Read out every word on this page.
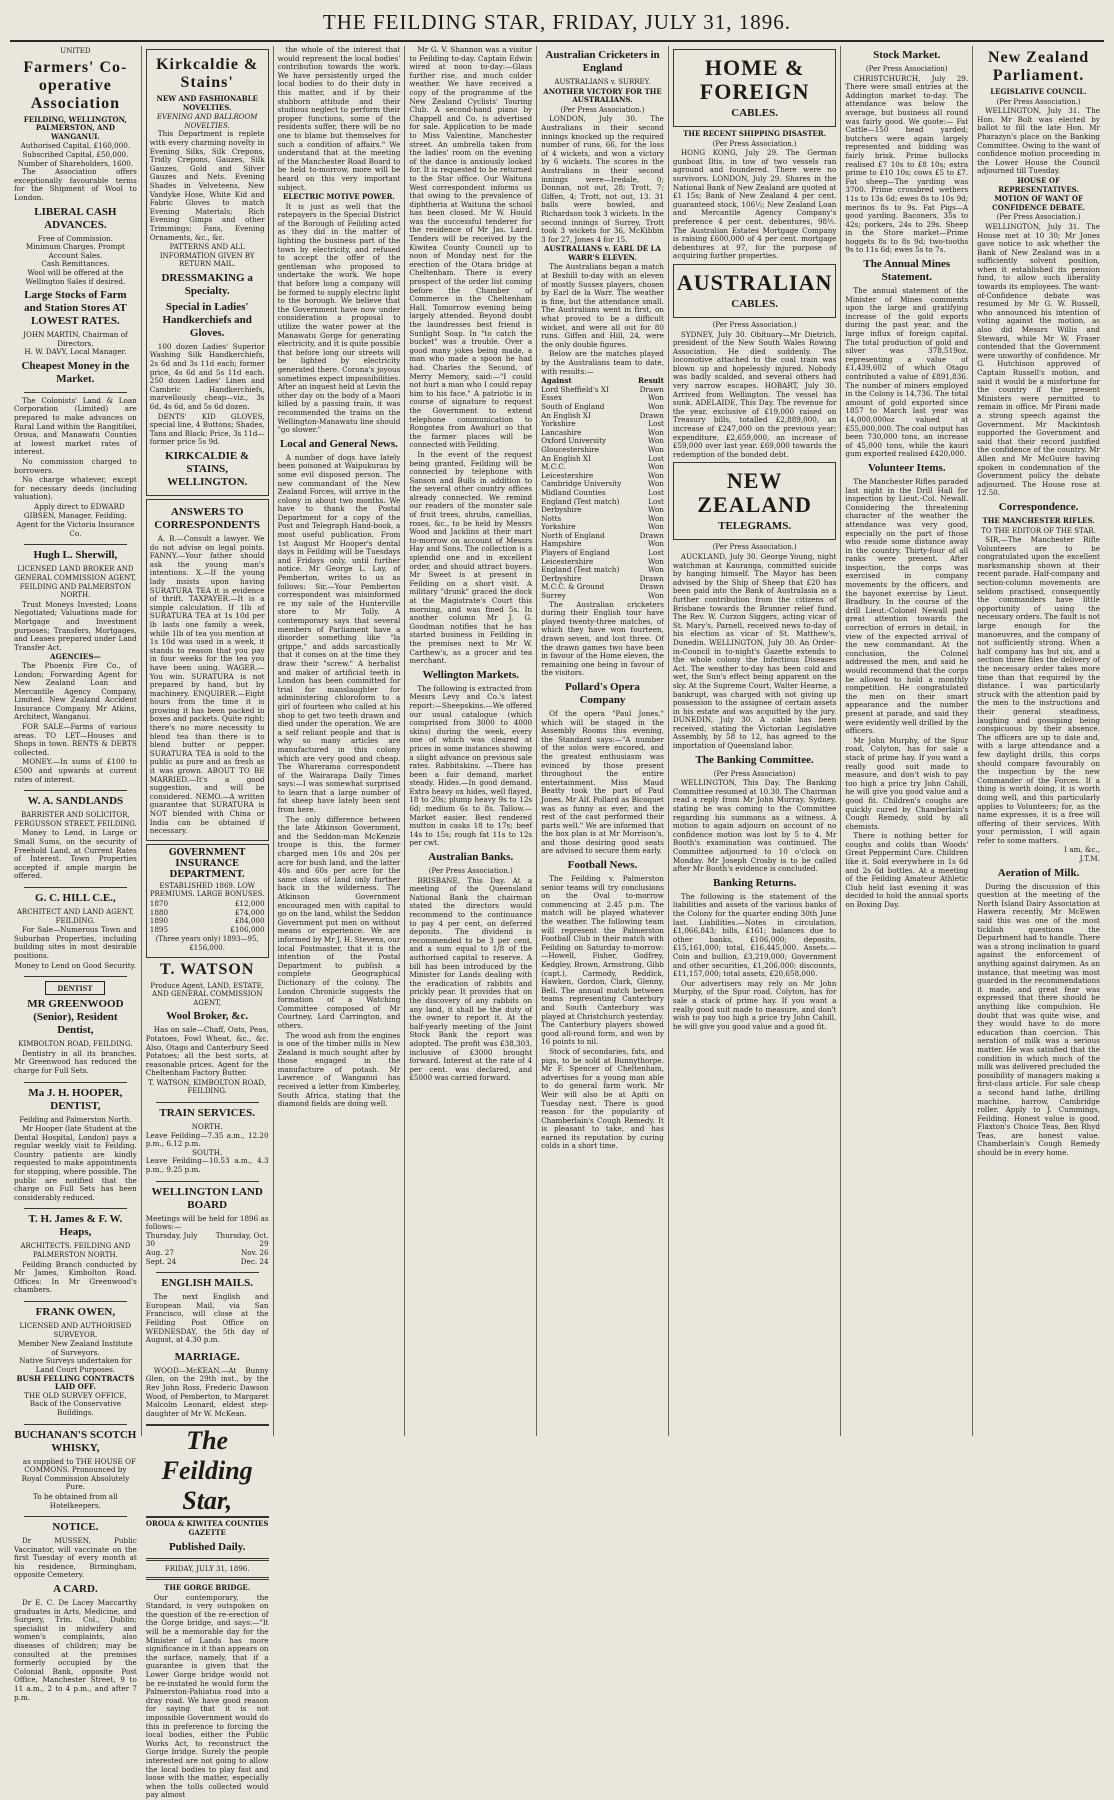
THE FEILDING STAR, FRIDAY, JULY 31, 1896.
UNITED
Farmers' Co-operative Association
FEILDING, WELLINGTON, PALMERSTON, AND WANGANUI.
Authorised Capital, £160,000.
Subscribed Capital, £50,000.
Number of Shareholders, 1600.

The Association offers exceptionally favourable terms for the Shipment of Wool to London.

LIBERAL CASH ADVANCES.
Free of Commission.
Minimum Charges. Prompt Account Sales.
Cash Remittances.
Wool will be offered at the Wellington Sales if desired.
Large Stocks of Farm and Station Stores AT LOWEST RATES.
JOHN MARTIN, Chairman of Directors.
H. W. DAVY, Local Manager.
Cheapest Money in the Market.

The Colonists' Land & Loan Corporation (Limited) are prepared to make advances on Rural Land within the Rangitikei, Oroua, and Manawatu Counties at lowest market rates of interest.

No commission charged to borrowers.

No charge whatever, except for necessary deeds (including valuation).

Apply direct to EDWARD GIBSEN, Manager, Feilding.

Agent for the Victoria Insurance Co.
Hugh L. Sherwill,
LICENSED LAND BROKER AND GENERAL COMMISSION AGENT, FEILDING AND PALMERSTON NORTH.

Trust Moneys Invested; Loans Negotiated; Valuations made for Mortgage and Investment purposes; Transfers, Mortgages, and Leases prepared under Land Transfer Act.

AGENCIES—

The Phoenix Fire Co., of London; Forwarding Agent for New Zealand Loan and Mercantile Agency Company, Limited. New Zealand Accident Insurance Company. Mr Atkins, Architect, Wanganui.

FOR SALE—Farms of various areas. TO LET—Houses and Shops in town. RENTS & DEBTS collected.

MONEY.—In sums of £100 to £500 and upwards at current rates of interest.

W. A. SANDLANDS
BARRISTER AND SOLICITOR, FERGUSSON STREET, FEILDING.

Money to Lend, in Large or Small Sums, on the security of Freehold Land, at Current Rates of Interest. Town Properties accepted if ample margin be offered.

G. C. HILL C.E.,
ARCHITECT AND LAND AGENT, FEILDING.

For Sale—Numerous Town and Suburban Properties, including building sites in most desirable positions.

Money to Lend on Good Security.
DENTIST
MR GREENWOOD (Senior), Resident Dentist,
KIMBOLTON ROAD, FEILDING.

Dentistry in all its branches. Mr Greenwood has reduced the charge for Full Sets.

Ma J. H. HOOPER, DENTIST,
Feilding and Palmerston North.

Mr Hooper (late Student at the Dental Hospital, London) pays a regular weekly visit to Feilding. Country patients are kindly requested to make appointments for stopping, where possible. The public are notified that the charge on Full Sets has been considerably reduced.

T. H. James & F. W. Heaps,
ARCHITECTS. FEILDING AND PALMERSTON NORTH.

Feilding Branch conducted by Mr James, Kimbolton Road. Offices: In Mr Greenwood's chambers.

FRANK OWEN,
LICENSED AND AUTHORISED SURVEYOR.
Member New Zealand Institute of Surveyors.
Native Surveys undertaken for Land Court Purposes.
BUSH FELLING CONTRACTS LAID OFF.
THE OLD SURVEY OFFICE, Back of the Conservative Buildings.
BUCHANAN'S SCOTCH WHISKY,

as supplied to THE HOUSE OF COMMONS. Pronounced by Royal Commission Absolutely Pure.

To be obtained from all Hotelkeepers.
NOTICE.

Dr MUSSEN, Public Vaccinator, will vaccinate on the first Tuesday of every month at his residence, Birmingham, opposite Cemetery.

A CARD.

Dr E. C. De Lacey Maccarthy graduates in Arts, Medicine, and Surgery, Trin. Col., Dublin; specialist in midwifery and women's complaints, also diseases of children; may be consulted at the premises formerly occupied by the Colonial Bank, opposite Post Office, Manchester Street, 9 to 11 a.m., 2 to 4 p.m., and after 7 p.m.

Kirkcaldie & Stains'
NEW AND FASHIONABLE NOVELTIES.
EVENING AND BALLROOM NOVELTIES.

This Department is replete with every charming novelty in Evening Silks, Silk Crepons, Tridly Crepons, Gauzes, Silk Gauzes, Gold and Silver Gauzes and Nets. Evening Shades in Velveteens, New Vandyke Hose, White Kid and Fabric Gloves to match Evening Materials; Rich Evening Gimps and other Trimmings; Fans, Evening Ornaments, &c., &c.

PATTERNS AND ALL INFORMATION GIVEN BY RETURN MAIL.
DRESSMAKING a Specialty.
Special in Ladies' Handkerchiefs and Gloves.

100 dozen Ladies' Superior Washing Silk Handkerchiefs, 2s 6d and 3s 11d each; former price, 4s 6d and 5s 11d each. 250 dozen Ladies' Linen and Cambric Handkerchiefs, marvellously cheap—viz., 3s 6d, 4s 6d, and 5s 6d dozen.

DENTS' KID GLOVES, special line, 4 Buttons; Shades, Tans and Black; Price, 3s 11d—former price 5s 9d.

KIRKCALDIE & STAINS, WELLINGTON.
ANSWERS TO CORRESPONDENTS

A. B.—Consult a lawyer. We do not advise on legal points. FANNY.—Your father should ask the young man's intentions. X.—If the young lady insists upon having SURATURA TEA it is evidence of thrift. TAXPAYER.—It is a simple calculation. If 1lb of SURATURA TEA at 1s 10d per lb lasts one family a week, while 1lb of tea you mention at 1s 10d was used in a week, it stands to reason that you pay in four weeks for the tea you have been using. WAGER.—You win. SURATURA is not prepared by hand, but by machinery. ENQUIRER.—Eight hours from the time it is growing it has been packed in boxes and packets. Quite right; there's no more necessity to blend tea than there is to blend butter or pepper. SURATURA TEA is sold to the public as pure and as fresh as it was grown. ABOUT TO BE MARRIED.—It's a good suggestion, and will be considered. NEMO.—A written guarantee that SURATURA is NOT blended with China or India can be obtained if necessary.

GOVERNMENT INSURANCE DEPARTMENT.
ESTABLISHED 1869. LOW PREMIUMS. LARGE BONUSES.
1870	£12,000
1880	£74,000
1890	£84,000
1895	£106,000
(Three years only) 1893—95, £156,000.
T. WATSON
Produce Agent, LAND, ESTATE, AND GENERAL COMMISSION AGENT,
Wool Broker, &c.

Has on sale—Chaff, Oats, Peas, Potatoes, Fowl Wheat, &c., &c. Also, Otago and Canterbury Seed Potatoes; all the best sorts, at reasonable prices. Agent for the Cheltenham Factory Butter.

T. WATSON, KIMBOLTON ROAD, FEILDING.
TRAIN SERVICES.
NORTH.
Leave Feilding—7.35 a.m., 12.20 p.m., 6.12 p.m.
SOUTH.
Leave Feilding—10.53 a.m., 4.3 p.m., 9.25 p.m.
WELLINGTON LAND BOARD
Meetings will be held for 1896 as follows:—
Thursday, July 30
Thursday, Oct. 29
Aug. 27	Nov. 26
Sept. 24	Dec. 24
ENGLISH MAILS.

The next English and European Mail, via San Francisco, will close at the Feilding Post Office on WEDNESDAY, the 5th day of August, at 4.30 p.m.

MARRIAGE.

WOOD—McKEAN.—At Bunny Glen, on the 29th inst., by the Rev John Ross, Frederic Dawson Wood, of Pemberton, to Margaret Malcolm Leonard, eldest step-daughter of Mr W. McKean.

The Feilding Star,
OROUA & KIWITEA COUNTIES GAZETTE
Published Daily.
FRIDAY, JULY 31, 1896.
THE GORGE BRIDGE.

Our contemporary, the Standard, is very outspoken on the question of the re-erection of the Gorge bridge, and says:—"It will be a memorable day for the Minister of Lands has more significance in it than appears on the surface, namely, that if a guarantee is given that the Lower Gorge bridge would not be re-instated he would form the Palmerston-Pahiatua road into a dray road. We have good reason for saying that it is not impossible Government would do this in preference to forcing the local bodies, either the Public Works Act, to reconstruct the Gorge bridge. Surely the people interested are not going to allow the local bodies to play fast and loose with the matter, especially when the tolls collected would pay almost

the whole of the interest that would represent the local bodies' contribution towards the work. We have persistently urged the local bodies to do their duty in this matter, and if by their stubborn attitude and their studious neglect to perform their proper functions, some of the residents suffer, there will be no one to blame but themselves for such a condition of affairs." We understand that at the meeting of the Manchester Road Board to be held to-morrow, more will be heard on this very important subject.

ELECTRIC MOTIVE POWER.

It is just as well that the ratepayers in the Special District of the Borough of Feilding acted as they did in the matter of lighting the business part of the town by electricity, and refused to accept the offer of the gentleman who proposed to undertake the work. We hope that before long a company will be formed to supply electric light to the borough. We believe that the Government have now under consideration a proposal to utilize the water power at the Manawatu Gorge for generating electricity, and it is quite possible that before long our streets will be lighted by electricity generated there. Corona's joyous sometimes expect impossibilities. After an inquest held at Levin the other day on the body of a Maori killed by a passing train, it was recommended the trains on the Wellington-Manawatu line should "go slower."

Local and General News.

A number of dogs have lately been poisoned at Waipukurau by some evil disposed person. The new commandant of the New Zealand Forces, will arrive in the colony in about two months. We have to thank the Postal Department for a copy of the Post and Telegraph Hand-book, a most useful publication. From 1st August Mr Hooper's dental days in Feilding will be Tuesdays and Fridays only, until further notice. Mr George L. Lay, of Pemberton, writes to us as follows: Sir,—Your Pemberton correspondent was misinformed re my sale of the Hunterville store to Mr Tolly. A contemporary says that several members of Parliament have a disorder something like "la grippe," and adds sarcastically that it comes on at the time they draw their "screw." A herbalist and maker of artificial teeth in London has been committed for trial for manslaughter for administering chloroform to a girl of fourteen who called at his shop to get two teeth drawn and died under the operation. We are a self reliant people and that is why so many articles are manufactured in this colony which are very good and cheap. The Wharerama correspondent of the Wairarapa Daily Times says:—I was somewhat surprised to learn that a large number of fat sheep have lately been sent from here.

The only difference between the late Atkinson Government, and the Seddon-man McKenzie troupe is this, the former charged men 10s and 20s per acre for bush land, and the latter 40s and 60s per acre for the same class of land only further back in the wilderness. The Atkinson Government encouraged men with capital to go on the land, whilst the Seddon Government put men on without means or experience. We are informed by Mr J. H. Stevens, our local Postmaster, that it is the intention of the Postal Department to publish a complete Geographical Dictionary of the colony. The London Chronicle suggests the formation of a Watching Committee composed of Mr Courtney, Lord Carrington, and others.

The wood ash from the engines is one of the timber mills in New Zealand is much sought after by those engaged in the manufacture of potash. Mr Lawrence of Wanganui has received a letter from Kimberley, South Africa, stating that the diamond fields are doing well.

Mr G. V. Shannon was a visitor to Feilding to-day. Captain Edwin wired at noon to-day:—Glass further rise, and much colder weather. We have received a copy of the programme of the New Zealand Cyclists' Touring Club. A second-hand piano by Chappell and Co. is advertised for sale. Application to be made to Miss Valentine, Manchester street. An umbrella taken from the ladies' room on the evening of the dance is anxiously looked for. It is requested to be returned to the Star office. Our Waituna West correspondent informs us that owing to the prevalence of diphtheria at Waituna the school has been closed. Mr W. Hould was the successful tenderer for the residence of Mr Jas. Laird. Tenders will be received by the Kiwitea County Council up to noon of Monday next for the erection of the Otara bridge at Cheltenham. There is every prospect of the order list coming before the Chamber of Commerce in the Cheltenham Hall. Tomorrow evening being largely attended. Beyond doubt the laundresses best friend is Sunlight Soap. In "to catch the bucket" was a trouble. Over a good many jokes being made, a man who made a spoon he had had. Charles the Second, of Merry Memory, said:—"I could not hurt a man who I could repay him to his face." A patriotic is in course of signature to request the Government to extend telephone communication to Rongotea from Awahuri so that the farmer places will be connected with Feilding.

In the event of the request being granted, Feilding will be connected by telephone with Sanson and Bulls in addition to the several other country offices already connected. We remind our readers of the monster sale of fruit trees, shrubs, camellias, roses, &c., to be held by Messrs Wood and Jacklins at their mart to-morrow on account of Messrs Hay and Sons. The collection is a splendid one and in excellent order, and should attract buyers. Mr Sweet is at present in Feilding on a short visit. A military "drunk" graced the dock at the Magistrate's Court this morning, and was fined 5s. In another column Mr J. G. Goodman notifies that he has started business in Feilding in the premises next to Mr W. Carthew's, as a grocer and tea merchant.

Wellington Markets.

The following is extracted from Messrs Levy and Co.'s latest report:—Sheepskins.—We offered our usual catalogue (which comprised from 3000 to 4000 skins) during the week, every one of which was cleared at prices in some instances showing a slight advance on previous sale rates. Rabbitskins. —There has been a fair demand, market steady. Hides.—In good demand. Extra heavy ox hides, well flayed, 18 to 20s; plump heavy 9s to 12s 6d; medium 6s to 8s. Tallow.—Market easier. Best rendered mutton in casks 18 to 17s; beef 14s to 15s; rough fat 11s to 12s per cwt.

Australian Banks.
(Per Press Association.)

BRISBANE, This Day. At a meeting of the Queensland National Bank the chairman stated the directors would recommend to the continuance to pay 4 per cent, on deferred deposits. The dividend is recommended to be 3 per cent, and a sum equal to 1/8 of the authorised capital to reserve. A bill has been introduced by the Minister for Lands dealing with the eradication of rabbits and prickly pear. It provides that on the discovery of any rabbits on any land, it shall be the duty of the owner to report it. At the half-yearly meeting of the Joint Stock Bank the report was adopted. The profit was £38,303, inclusive of £3000 brought forward. Interest at the rate of 4 per cent. was declared, and £5000 was carried forward.

Australian Cricketers in England
AUSTRALIANS v. SURREY.
ANOTHER VICTORY FOR THE AUSTRALIANS.
(Per Press Association.)

LONDON, July 30. The Australians in their second innings knocked up the required number of runs, 66, for the loss of 4 wickets, and won a victory by 6 wickets. The scores in the Australians in their second innings were—Iredale, 0; Donnan, not out, 28; Trott, 7; Giffen, 4; Trott, not out, 13. 31 balls were bowled, and Richardson took 3 wickets. In the second innings of Surrey, Trott took 3 wickets for 36, McKibbin 3 for 27, Jones 4 for 15.

AUSTRALIANS v. EARL DE LA WARR'S ELEVEN.

The Australians began a match at Bexhill to-day with an eleven of mostly Sussex players, chosen by Earl de la Warr. The weather is fine, but the attendance small. The Australians went in first, on what proved to be a difficult wicket, and were all out for 80 runs. Giffen and Hill, 24, were the only double figures.

Below are the matches played by the Australians team to date, with results:—

Against	Result
Lord Sheffield's XI	Drawn
Essex	Won
South of England	Won
An English XI	Drawn
Yorkshire	Lost
Lancashire	Won
Oxford University	Won
Gloucestershire	Won
An English XI	Lost
M.C.C.	Won
Leicestershire	Won
Cambridge University	Won
Midland Counties	Lost
England (Test match)	Lost
Derbyshire	Won
Notts	Won
Yorkshire	Won
North of England	Drawn
Hampshire	Won
Players of England	Lost
Leicestershire	Won
England (Test match)	Won
Derbyshire	Drawn
M.C.C. & Ground	Drawn
Surrey	Won

The Australian cricketers during their English tour have played twenty-three matches, of which they have won fourteen, drawn seven, and lost three. Of the drawn games two have been in favour of the Home eleven, the remaining one being in favour of the visitors.

Pollard's Opera Company

Of the opera "Paul Jones," which will be staged in the Assembly Rooms this evening, the Standard says:—"A number of the solos were encored, and the greatest enthusiasm was evinced by those present throughout the entire entertainment. Miss Maud Beatty took the part of Paul Jones. Mr Alf. Pollard as Bicoquet was as funny as ever, and the rest of the cast performed their parts well." We are informed that the box plan is at Mr Morrison's, and those desiring good seats are advised to secure them early.

Football News.

The Feilding v. Palmerston senior teams will try conclusions on the Oval to-morrow commencing at 2.45 p.m. The match will be played whatever the weather. The following team will represent the Palmerston Football Club in their match with Feilding on Saturday to-morrow:—Howell, Fisher, Godfrey, Kedgley, Brown, Armstrong, Gibb (capt.), Carmody, Reddick, Hawken, Gordon, Clark, Glenny, Bell. The annual match between teams representing Canterbury and South Canterbury was played at Christchurch yesterday. The Canterbury players showed good all-round form, and won by 16 points to nil.

Stock of secondaries, fats, and pigs, to be sold at Bunnythorpe. Mr F. Spencer of Cheltenham, advertises for a young man able to do general farm work. Mr Weir will also be at Apiti on Tuesday next. There is good reason for the popularity of Chamberlain's Cough Remedy. It is pleasant to take, and has earned its reputation by curing colds in a short time.

HOME & FOREIGN
CABLES.
THE RECENT SHIPPING DISASTER.
(Per Press Association.)

HONG KONG, July 29. The German gunboat Iltis, in tow of two vessels ran aground and foundered. There were no survivors. LONDON, July 29. Shares in the National Bank of New Zealand are quoted at £1 15s; Bank of New Zealand 4 per cent. guaranteed stock, 106½; New Zealand Loan and Mercantile Agency Company's preference 4 per cent. debentures, 98½. The Australian Estates Mortgage Company is raising £600,000 of 4 per cent. mortgage debentures at 97, for the purpose of acquiring further properties.

AUSTRALIAN
CABLES.
(Per Press Association.)

SYDNEY, July 30. Obituary—Mr Dietrich, president of the New South Wales Rowing Association. He died suddenly. The locomotive attached to the coal train was blown up and hopelessly injured. Nobody was badly scalded, and several others had very narrow escapes. HOBART, July 30. Arrived from Wellington. The vessel has sunk. ADELAIDE, This Day. The revenue for the year, exclusive of £19,000 raised on Treasury bills, totalled £2,889,000, an increase of £247,000 on the previous year; expenditure, £2,659,000, an increase of £59,000 over last year. £69,000 towards the redemption of the bonded debt.

NEW ZEALAND
TELEGRAMS.
(Per Press Association.)

AUCKLAND, July 30. George Young, night watchman at Kauranga, committed suicide by hanging himself. The Mayor has been advised by the Ship of Sheep that £20 has been paid into the Bank of Australasia as a further contribution from the citizens of Brisbane towards the Brunner relief fund. The Rev. W. Curzon Siggers, acting vicar of St. Mary's, Parnell, received news to-day of his election as vicar of St. Matthew's, Dunedin. WELLINGTON, July 30. An Order-in-Council in to-night's Gazette extends to the whole colony the Infectious Diseases Act. The weather to-day has been cold and wet, the Sun's effect being apparent on the sky. At the Supreme Court, Walter Hearne, a bankrupt, was charged with not giving up possession to the assignee of certain assets in his estate and was acquitted by the jury. DUNEDIN, July 30. A cable has been received, stating the Victorian Legislative Assembly, by 58 to 12, has agreed to the importation of Queensland labor.

The Banking Committee.
(Per Press Association)

WELLINGTON, This Day. The Banking Committee resumed at 10.30. The Chairman read a reply from Mr John Murray, Sydney, stating he was coming to the Committee regarding his summons as a witness. A motion to again adjourn on account of no confidence motion was lost by 5 to 4. Mr Booth's examination was continued. The Committee adjourned to 10 o'clock on Monday. Mr Joseph Crosby is to be called after Mr Booth's evidence is concluded.

Banking Returns.

The following is the statement of the liabilities and assets of the various banks of the Colony for the quarter ending 30th June last. Liabilities.—Notes in circulation, £1,066,843; bills, £161; balances due to other banks, £106,000; deposits, £15,161,000; total, £16,445,000. Assets.—Coin and bullion, £3,219,000; Government and other securities, £1,206,000; discounts, £11,157,000; total assets, £20,658,000.

Our advertisers may rely on Mr John Murphy, of the Spur road, Colyton, has for sale a stack of prime hay. If you want a really good suit made to measure, and don't wish to pay too high a price try John Cahill, he will give you good value and a good fit.

Stock Market.
(Per Press Association)

CHRISTCHURCH, July 29. There were small entries at the Addington market to-day. The attendance was below the average, but business all round was fairly good. We quote:— Fat Cattle—150 head yarded; butchers were again largely represented and bidding was fairly brisk. Prime bullocks realised £7 10s to £8 10s; extra prime to £10 10s; cows £5 to £7. Fat sheep—The yarding was 3700. Prime crossbred wethers 11s to 13s 6d; ewes 8s to 10s 9d; merinos 8s to 9s. Fat Pigs—A good yarding. Baconers, 35s to 42s; porkers, 24s to 29s. Sheep in the Store market—Prime hoggets 8s to 8s 9d; two-tooths 9s to 11s 6d; ewes 5s to 7s.

The Annual Mines Statement.

The annual statement of the Minister of Mines comments upon the large and gratifying increase of the gold exports during the past year, and the large influx of foreign capital. The total production of gold and silver was 378,519oz, representing a value of £1,439,602 of which Otago contributed a value of £891,836. The number of miners employed in the Colony is 14,736. The total amount of gold exported since 1857 to March last year was 14,000,000oz valued at £55,000,000. The coal output has been 730,000 tons, an increase of 45,000 tons, while the kauri gum exported realised £420,000.

Volunteer Items.

The Manchester Rifles paraded last night in the Drill Hall for inspection by Lieut.-Col. Newall. Considering the threatening character of the weather the attendance was very good, especially on the part of those who reside some distance away in the country. Thirty-four of all ranks were present. After inspection, the corps was exercised in company movements by the officers, and the bayonet exercise by Lieut. Bradbury. In the course of the drill Lieut.-Colonel Newall paid great attention towards the correction of errors in detail, in view of the expected arrival of the new commandant. At the conclusion, the Colonel addressed the men, and said he would recommend that the corps be allowed to hold a monthly competition. He congratulated the men on their smart appearance and the number present at parade, and said they were evidently well drilled by the officers.

Mr John Murphy, of the Spur road, Colyton, has for sale a stack of prime hay. If you want a really good suit made to measure, and don't wish to pay too high a price try John Cahill, he will give you good value and a good fit. Children's coughs are quickly cured by Chamberlain's Cough Remedy, sold by all chemists.

There is nothing better for coughs and colds than Woods' Great Peppermint Cure. Children like it. Sold everywhere in 1s 6d and 2s 6d bottles. At a meeting of the Feilding Amateur Athletic Club held last evening it was decided to hold the annual sports on Boxing Day.

New Zealand Parliament.
LEGISLATIVE COUNCIL.
(Per Press Association.)

WELLINGTON, July 31. The Hon. Mr Bolt was elected by ballot to fill the late Hon. Mr Pharazyn's place on the Banking Committee. Owing to the want of confidence motion proceeding in the Lower House the Council adjourned till Tuesday.

HOUSE OF REPRESENTATIVES.
MOTION OF WANT OF CONFIDENCE DEBATE.
(Per Press Association.)

WELLINGTON, July 31. The House met at 10 30; Mr Jones gave notice to ask whether the Bank of New Zealand was in a sufficiently solvent position, when it established its pension fund, to allow such liberality towards its employees. The want-of-Confidence debate was resumed by Mr G. W. Russell, who announced his intention of voting against the motion, as also did Messrs Willis and Steward, while Mr W. Fraser contended that the Government were unworthy of confidence. Mr G. Hutchison approved of Captain Russell's motion, and said it would be a misfortune for the country if the present Ministers were permitted to remain in office. Mr Pirani made a strong speech against the Government. Mr Mackintosh supported the Government and said that their record justified the confidence of the country. Mr Allen and Mr McGuire having spoken in condemnation of the Government policy the debate adjourned. The House rose at 12.50.

Correspondence.
THE MANCHESTER RIFLES.
TO THE EDITOR OF THE STAR.

SIR,—The Manchester Rifle Volunteers are to be congratulated upon the excellent marksmanship shown at their recent parade. Half-company and section-column movements are seldom practised, consequently the commanders have little opportunity of using the necessary orders. The fault is not large enough for the manoeuvres, and the company of not sufficiently strong. When a half company has but six, and a section three files the delivery of the necessary order takes more time than that required by the distance. I was particularly struck with the attention paid by the men to the instructions and their general steadiness, laughing and gossiping being conspicuous by their absence. The officers are up to date and, with a large attendance and a few daylight drills, this corps should compare favourably on the inspection by the new Commander of the Forces. If a thing is worth doing, it is worth doing well, and this particularly applies to Volunteers; for, as the name expresses, it is a free will offering of their services. With your permission, I will again refer to some matters.

I am, &c.,
J.T.M.
Aeration of Milk.

During the discussion of this question at the meeting of the North Island Dairy Association at Hawera recently, Mr McEwen said this was one of the most ticklish questions the Department had to handle. There was a strong inclination to guard against the enforcement of anything against dairymen. As an instance, that meeting was most guarded in the recommendations it made, and great fear was expressed that there should be anything like compulsion. He doubt that was quite wise, and they would have to do more education than coercion. This aeration of milk was a serious matter. He was satisfied that the condition in which much of the milk was delivered precluded the possibility of managers making a first-class article. For sale cheap a second hand lathe, drilling machine, harrow, Cambridge roller. Apply to J. Cummings, Feilding. Honest value is good. Flaxton's Choice Teas, Ben Rhyd Teas, are honest value. Chamberlain's Cough Remedy should be in every home.
